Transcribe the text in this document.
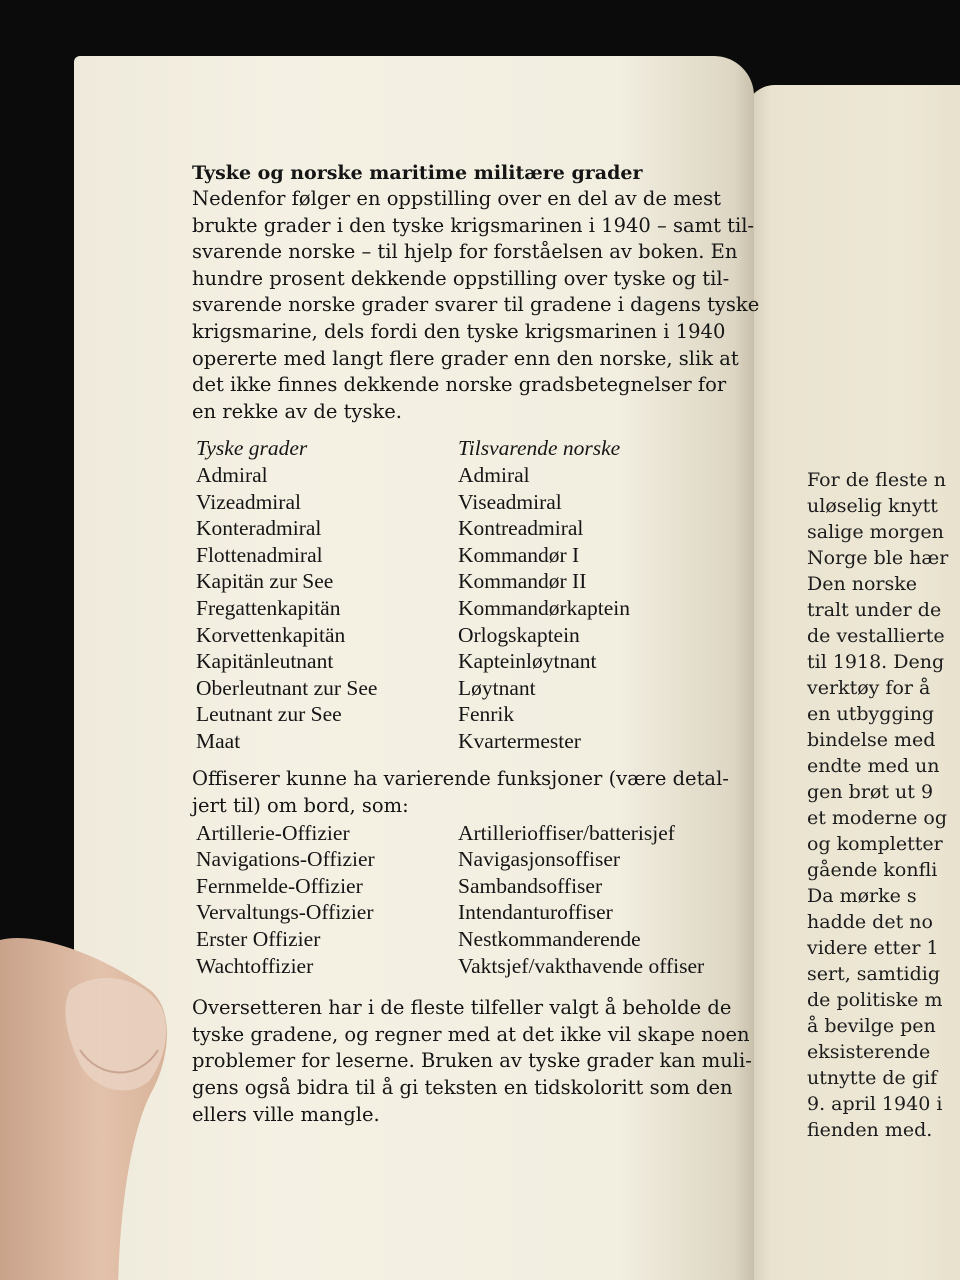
For de fleste n
uløselig knytt
salige morgen
Norge ble hær
Den norske
tralt under de
de vestallierte
til 1918. Deng
verktøy for å
en utbygging
bindelse med
endte med un
gen brøt ut 9
et moderne og
og kompletter
gående konfli
Da mørke s
hadde det no
videre etter 1
sert, samtidig
de politiske m
å bevilge pen
eksisterende
utnytte de gif
9. april 1940 i
fienden med.
Tyske og norske maritime militære grader
Nedenfor følger en oppstilling over en del av de mest
brukte grader i den tyske krigsmarinen i 1940 – samt til-
svarende norske – til hjelp for forståelsen av boken. En
hundre prosent dekkende oppstilling over tyske og til-
svarende norske grader svarer til gradene i dagens tyske
krigsmarine, dels fordi den tyske krigsmarinen i 1940
opererte med langt flere grader enn den norske, slik at
det ikke finnes dekkende norske gradsbetegnelser for
en rekke av de tyske.
Tyske grader	Tilsvarende norske
Admiral	Admiral
Vizeadmiral	Viseadmiral
Konteradmiral	Kontreadmiral
Flottenadmiral	Kommandør I
Kapitän zur See	Kommandør II
Fregattenkapitän	Kommandørkaptein
Korvettenkapitän	Orlogskaptein
Kapitänleutnant	Kapteinløytnant
Oberleutnant zur See	Løytnant
Leutnant zur See	Fenrik
Maat	Kvartermester
Offiserer kunne ha varierende funksjoner (være detal-
jert til) om bord, som:
Artillerie-Offizier	Artillerioffiser/batterisjef
Navigations-Offizier	Navigasjonsoffiser
Fernmelde-Offizier	Sambandsoffiser
Vervaltungs-Offizier	Intendanturoffiser
Erster Offizier	Nestkommanderende
Wachtoffizier	Vaktsjef/vakthavende offiser
Oversetteren har i de fleste tilfeller valgt å beholde de
tyske gradene, og regner med at det ikke vil skape noen
problemer for leserne. Bruken av tyske grader kan muli-
gens også bidra til å gi teksten en tidskoloritt som den
ellers ville mangle.
